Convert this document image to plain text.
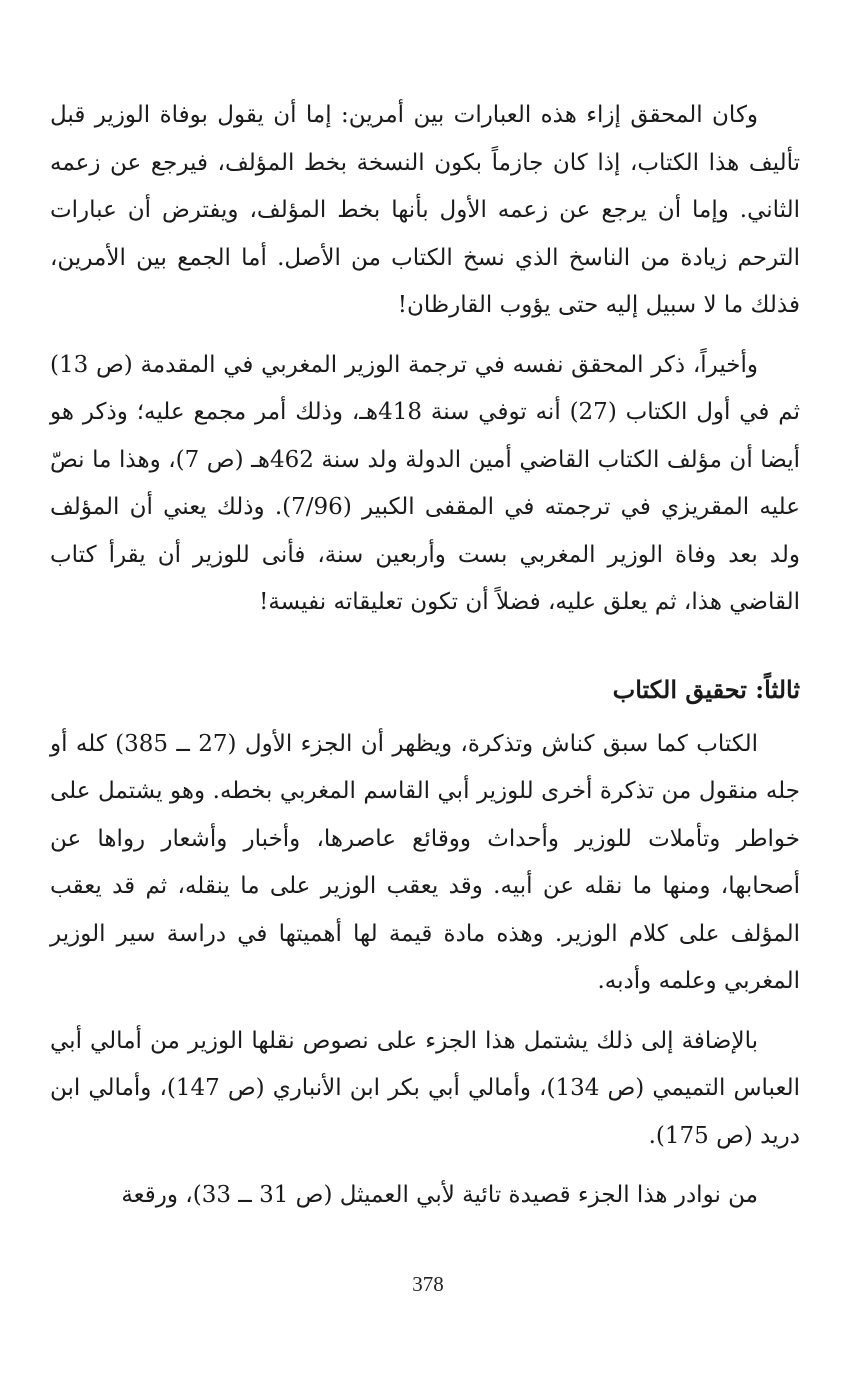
وكان المحقق إزاء هذه العبارات بين أمرين: إما أن يقول بوفاة الوزير قبل تأليف هذا الكتاب، إذا كان جازماً بكون النسخة بخط المؤلف، فيرجع عن زعمه الثاني. وإما أن يرجع عن زعمه الأول بأنها بخط المؤلف، ويفترض أن عبارات الترحم زيادة من الناسخ الذي نسخ الكتاب من الأصل. أما الجمع بين الأمرين، فذلك ما لا سبيل إليه حتى يؤوب القارظان!

وأخيراً، ذكر المحقق نفسه في ترجمة الوزير المغربي في المقدمة (ص 13) ثم في أول الكتاب (27) أنه توفي سنة 418هـ، وذلك أمر مجمع عليه؛ وذكر هو أيضا أن مؤلف الكتاب القاضي أمين الدولة ولد سنة 462هـ (ص 7)، وهذا ما نصّ عليه المقريزي في ترجمته في المقفى الكبير (7/96). وذلك يعني أن المؤلف ولد بعد وفاة الوزير المغربي بست وأربعين سنة، فأنى للوزير أن يقرأ كتاب القاضي هذا، ثم يعلق عليه، فضلاً أن تكون تعليقاته نفيسة!

ثالثاً: تحقيق الكتاب

الكتاب كما سبق كناش وتذكرة، ويظهر أن الجزء الأول (27 ــ 385) كله أو جله منقول من تذكرة أخرى للوزير أبي القاسم المغربي بخطه. وهو يشتمل على خواطر وتأملات للوزير وأحداث ووقائع عاصرها، وأخبار وأشعار رواها عن أصحابها، ومنها ما نقله عن أبيه. وقد يعقب الوزير على ما ينقله، ثم قد يعقب المؤلف على كلام الوزير. وهذه مادة قيمة لها أهميتها في دراسة سير الوزير المغربي وعلمه وأدبه.

بالإضافة إلى ذلك يشتمل هذا الجزء على نصوص نقلها الوزير من أمالي أبي العباس التميمي (ص 134)، وأمالي أبي بكر ابن الأنباري (ص 147)، وأمالي ابن دريد (ص 175).

من نوادر هذا الجزء قصيدة تائية لأبي العميثل (ص 31 ــ 33)، ورقعة

378
